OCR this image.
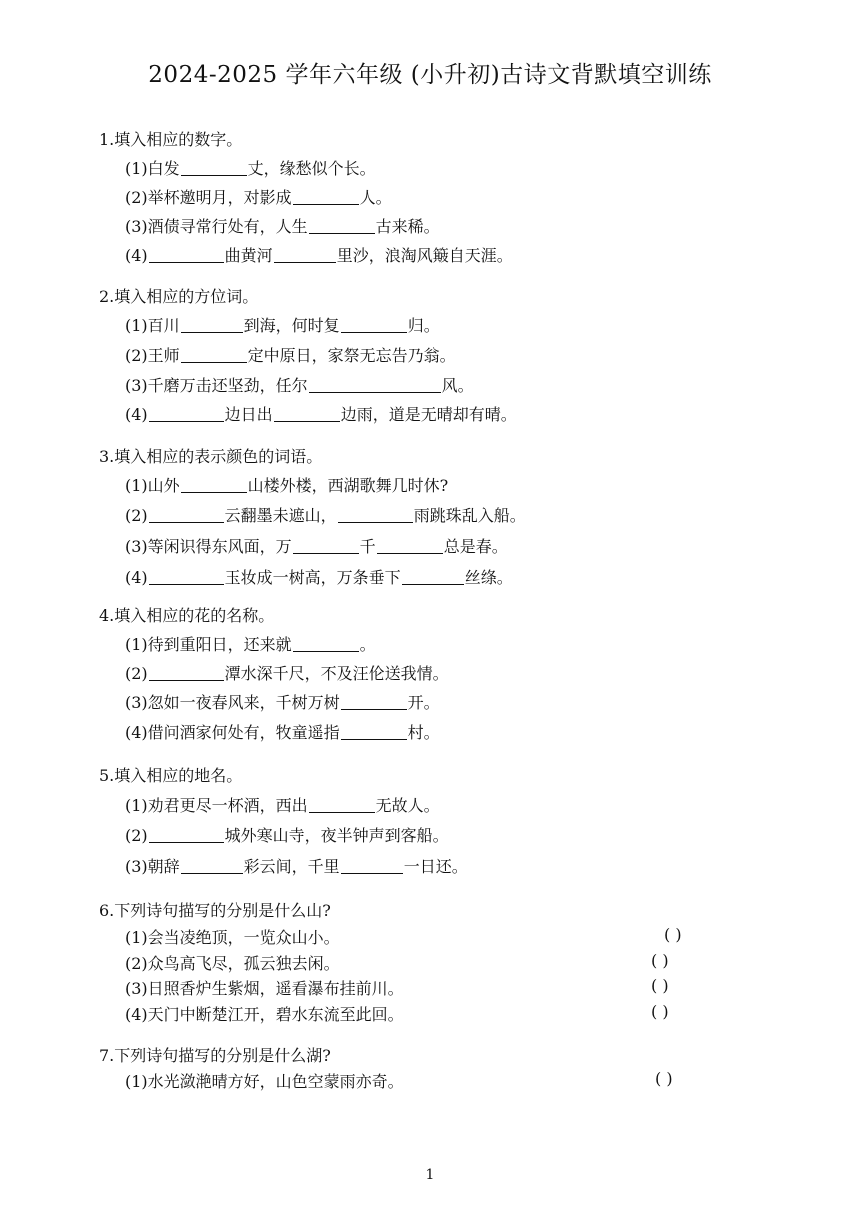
2024-2025 学年六年级 (小升初)古诗文背默填空训练
1.填入相应的数字。
(1)白发	丈，缘愁似个长。
(2)举杯邀明月，对影成	人。
(3)酒债寻常行处有，人生	古来稀。
(4)	曲黄河	里沙，浪淘风簸自天涯。
2.填入相应的方位词。
(1)百川	到海，何时复	归。
(2)王师	定中原日，家祭无忘告乃翁。
(3)千磨万击还坚劲，任尔	风。
(4)	边日出	边雨，道是无晴却有晴。
3.填入相应的表示颜色的词语。
(1)山外	山楼外楼，西湖歌舞几时休?
(2)	云翻墨未遮山，	雨跳珠乱入船。
(3)等闲识得东风面，万	千	总是春。
(4)	玉妆成一树高，万条垂下	丝绦。
4.填入相应的花的名称。
(1)待到重阳日，还来就	。
(2)	潭水深千尺，不及汪伦送我情。
(3)忽如一夜春风来，千树万树	开。
(4)借问酒家何处有，牧童遥指	村。
5.填入相应的地名。
(1)劝君更尽一杯酒，西出	无故人。
(2)	城外寒山寺，夜半钟声到客船。
(3)朝辞	彩云间，千里	一日还。
6.下列诗句描写的分别是什么山?
(1)会当凌绝顶，一览众山小。	( )
(2)众鸟高飞尽，孤云独去闲。	( )
(3)日照香炉生紫烟，遥看瀑布挂前川。	( )
(4)天门中断楚江开，碧水东流至此回。	( )
7.下列诗句描写的分别是什么湖?
(1)水光潋滟晴方好，山色空蒙雨亦奇。	( )
1
